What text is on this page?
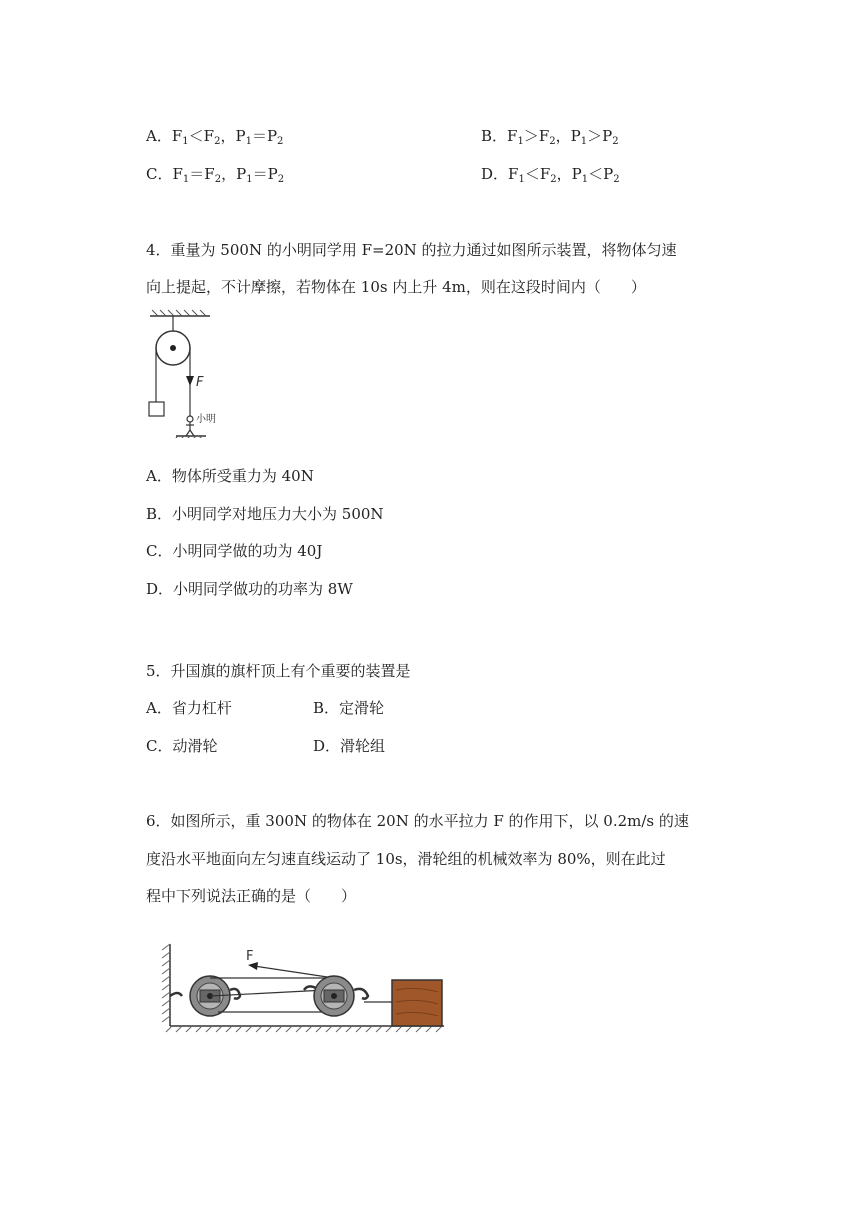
A．$F_1<F_2$，$P_1=P_2$	B．$F_1>F_2$，$P_1>P_2$
C．$F_1=F_2$，$P_1=P_2$	D．$F_1<F_2$，$P_1<P_2$
4．重量为 500N 的小明同学用 F=20N 的拉力通过如图所示装置，将物体匀速
向上提起，不计摩擦，若物体在 10s 内上升 4m，则在这段时间内（　　）
F
小明
A．物体所受重力为 40N
B．小明同学对地压力大小为 500N
C．小明同学做的功为 40J
D．小明同学做功的功率为 8W
5．升国旗的旗杆顶上有个重要的装置是
A．省力杠杆	B．定滑轮
C．动滑轮	D．滑轮组
6．如图所示，重 300N 的物体在 20N 的水平拉力 F 的作用下，以 0.2m/s 的速
度沿水平地面向左匀速直线运动了 10s，滑轮组的机械效率为 80%，则在此过
程中下列说法正确的是（　　）
F
